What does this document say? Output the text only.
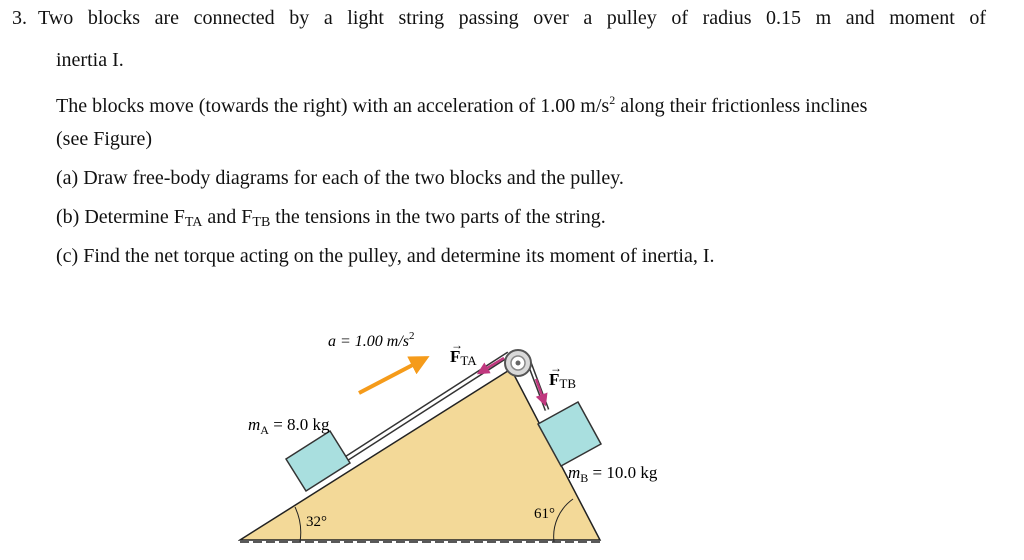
3. Two blocks are connected by a light string passing over a pulley of radius 0.15 m and moment of
inertia I.
The blocks move (towards the right) with an acceleration of 1.00 $m/s^2$ along their frictionless inclines
(see Figure)
(a) Draw free-body diagrams for each of the two blocks and the pulley.
(b) Determine $F_{TA}$ and $F_{TB}$ the tensions in the two parts of the string.
(c) Find the net torque acting on the pulley, and determine its moment of inertia, I.
a = 1.00 $m/s^2$
FTA
→
FTB
→
$m_A = 8.0$ kg
$m_B = 10.0$ kg
32°	61°
